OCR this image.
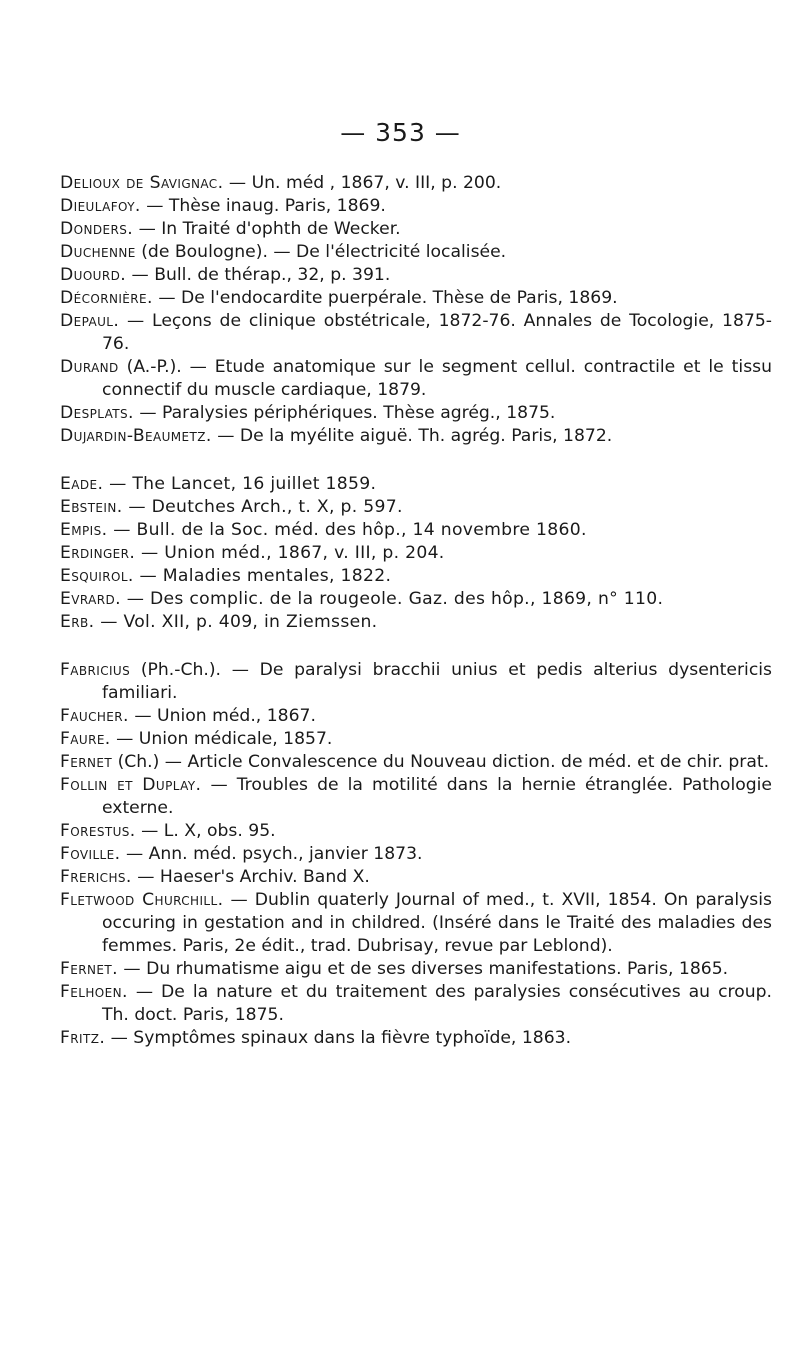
— 353 —
Delioux de Savignac. — Un. méd , 1867, v. III, p. 200.
Dieulafoy. — Thèse inaug. Paris, 1869.
Donders. — In Traité d'ophth de Wecker.
Duchenne (de Boulogne). — De l'électricité localisée.
Duourd. — Bull. de thérap., 32, p. 391.
Décornière. — De l'endocardite puerpérale. Thèse de Paris, 1869.
Depaul. — Leçons de clinique obstétricale, 1872-76. Annales de Tocologie, 1875-76.
Durand (A.-P.). — Etude anatomique sur le segment cellul. contractile et le tissu connectif du muscle cardiaque, 1879.
Desplats. — Paralysies périphériques. Thèse agrég., 1875.
Dujardin-Beaumetz. — De la myélite aiguë. Th. agrég. Paris, 1872.
Eade. — The Lancet, 16 juillet 1859.
Ebstein. — Deutches Arch., t. X, p. 597.
Empis. — Bull. de la Soc. méd. des hôp., 14 novembre 1860.
Erdinger. — Union méd., 1867, v. III, p. 204.
Esquirol. — Maladies mentales, 1822.
Evrard. — Des complic. de la rougeole. Gaz. des hôp., 1869, n° 110.
Erb. — Vol. XII, p. 409, in Ziemssen.
Fabricius (Ph.-Ch.). — De paralysi bracchii unius et pedis alterius dysentericis familiari.
Faucher. — Union méd., 1867.
Faure. — Union médicale, 1857.
Fernet (Ch.) — Article Convalescence du Nouveau diction. de méd. et de chir. prat.
Follin et Duplay. — Troubles de la motilité dans la hernie étranglée. Pathologie externe.
Forestus. — L. X, obs. 95.
Foville. — Ann. méd. psych., janvier 1873.
Frerichs. — Haeser's Archiv. Band X.
Fletwood Churchill. — Dublin quaterly Journal of med., t. XVII, 1854. On paralysis occuring in gestation and in childred. (Inséré dans le Traité des maladies des femmes. Paris, 2e édit., trad. Dubrisay, revue par Leblond).
Fernet. — Du rhumatisme aigu et de ses diverses manifestations. Paris, 1865.
Felhoen. — De la nature et du traitement des paralysies consécutives au croup. Th. doct. Paris, 1875.
Fritz. — Symptômes spinaux dans la fièvre typhoïde, 1863.
